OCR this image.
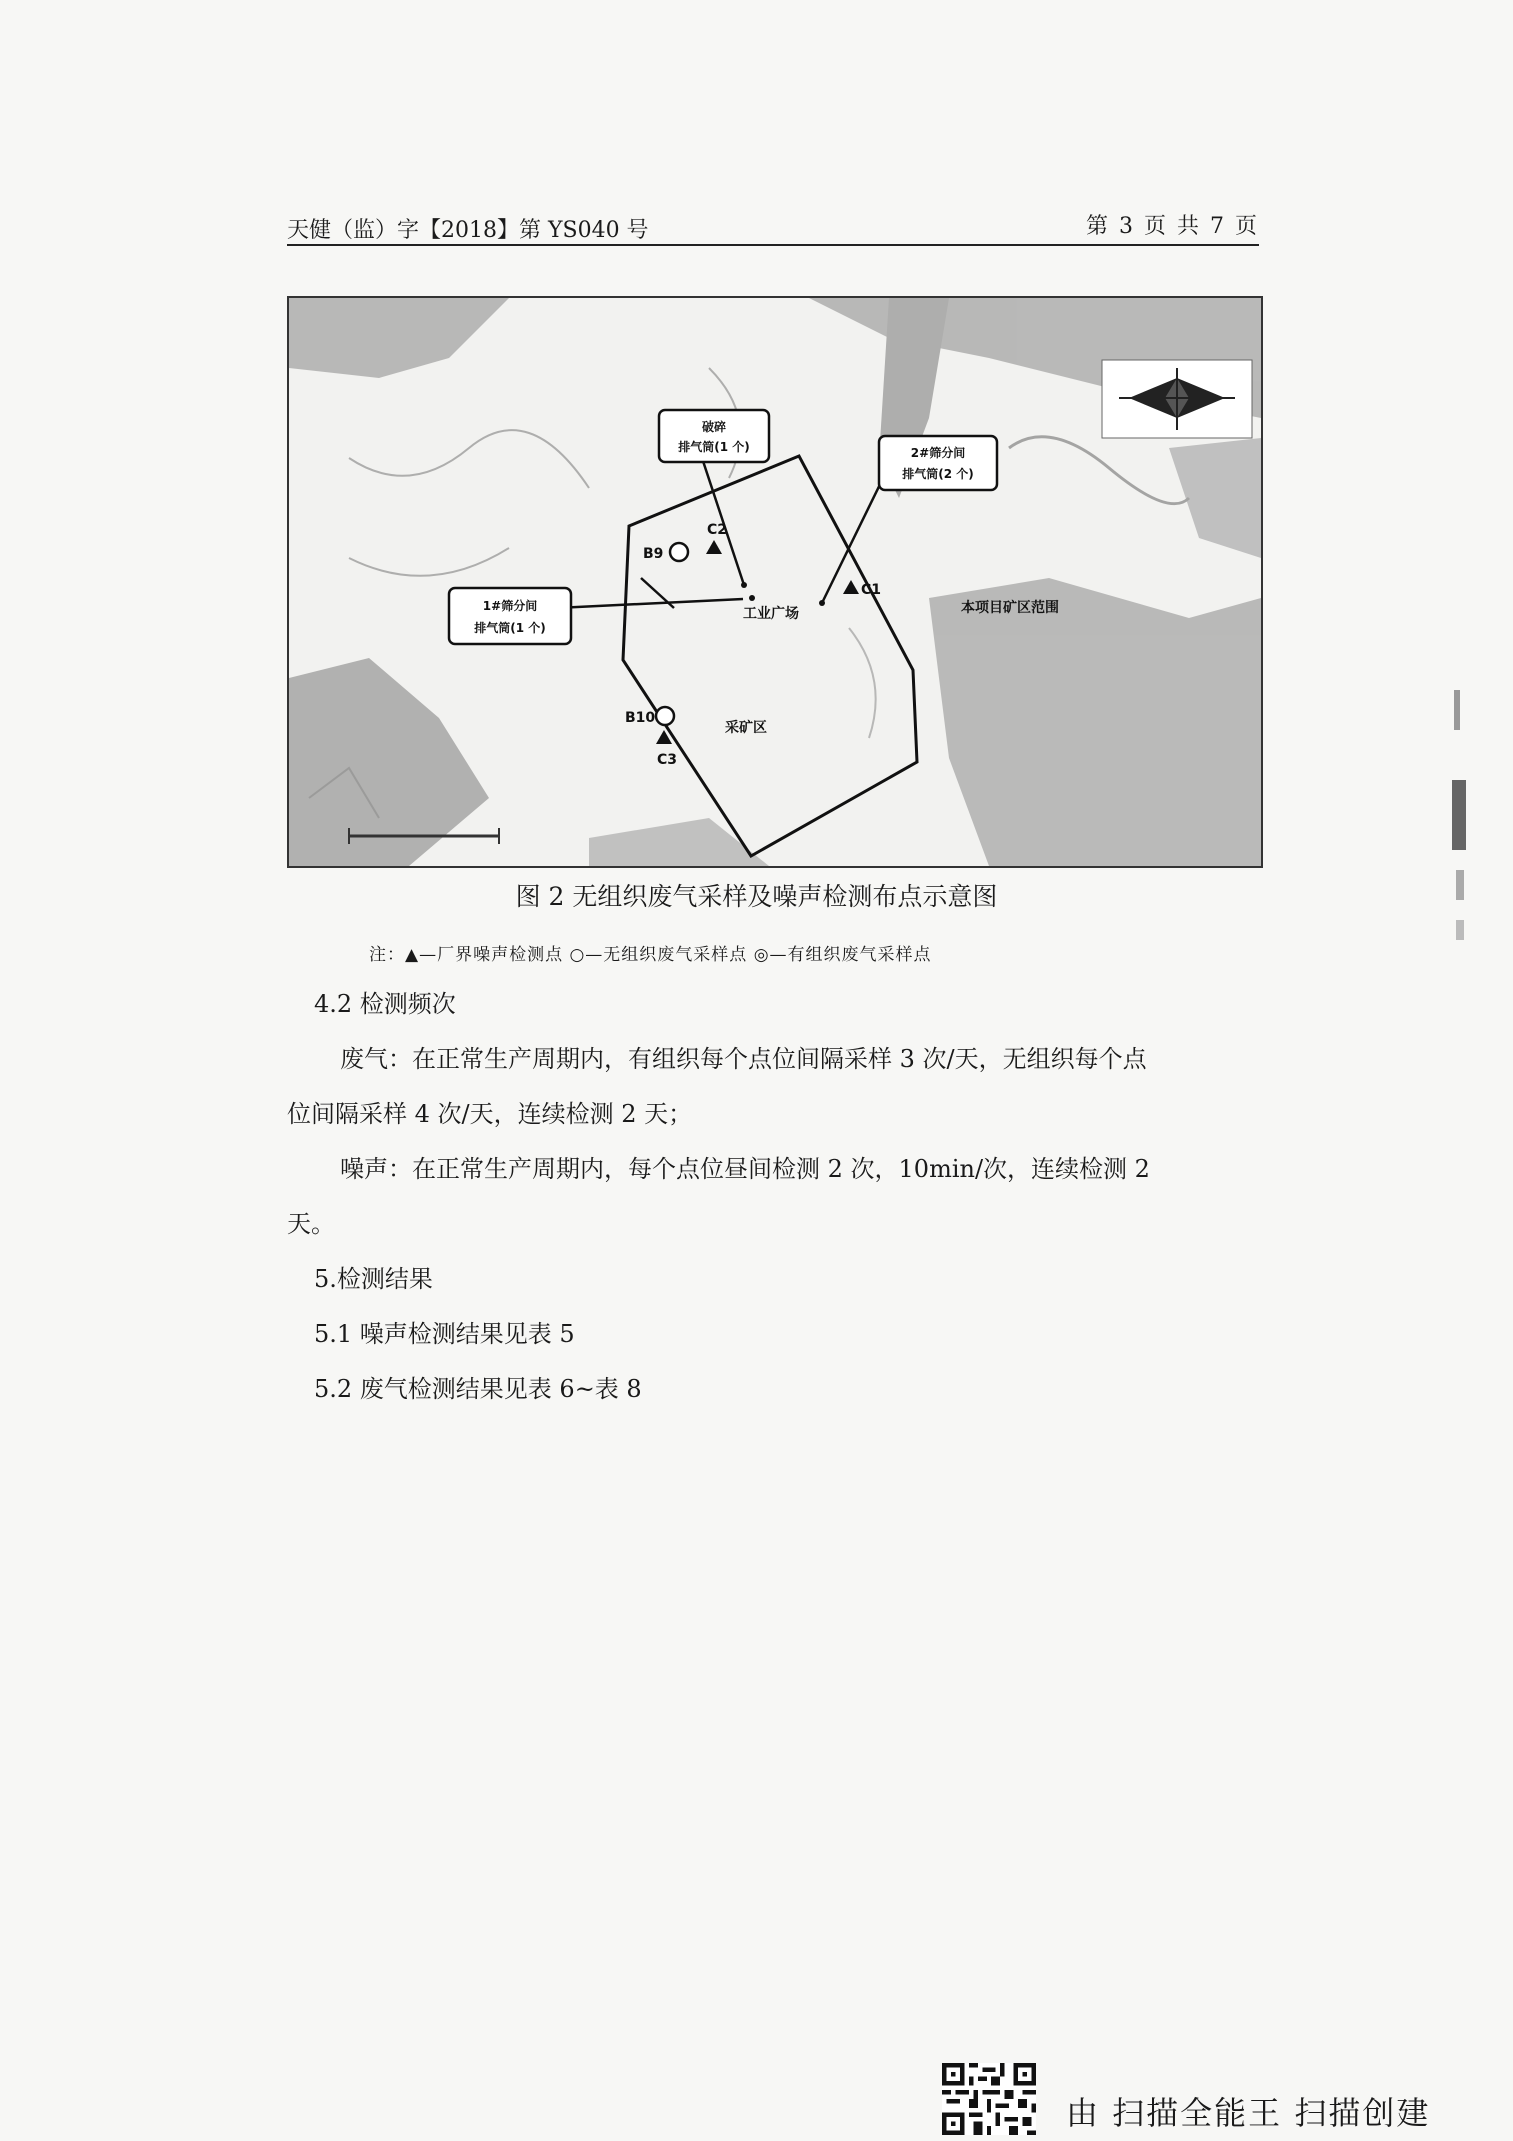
天健（监）字【2018】第 YS040 号	第 3 页 共 7 页
破碎
排气筒(1 个)	2#筛分间
排气筒(2 个)
1#筛分间
排气筒(1 个)
工业广场
采矿区
本项目矿区范围
C2
C1
C3
B9
B10
图 2 无组织废气采样及噪声检测布点示意图
注：▲—厂界噪声检测点 ○—无组织废气采样点 ◎—有组织废气采样点
4.2 检测频次
废气：在正常生产周期内，有组织每个点位间隔采样 3 次/天，无组织每个点
位间隔采样 4 次/天，连续检测 2 天；
噪声：在正常生产周期内，每个点位昼间检测 2 次，10min/次，连续检测 2
天。
5.检测结果
5.1 噪声检测结果见表 5
5.2 废气检测结果见表 6~表 8
由 扫描全能王 扫描创建
